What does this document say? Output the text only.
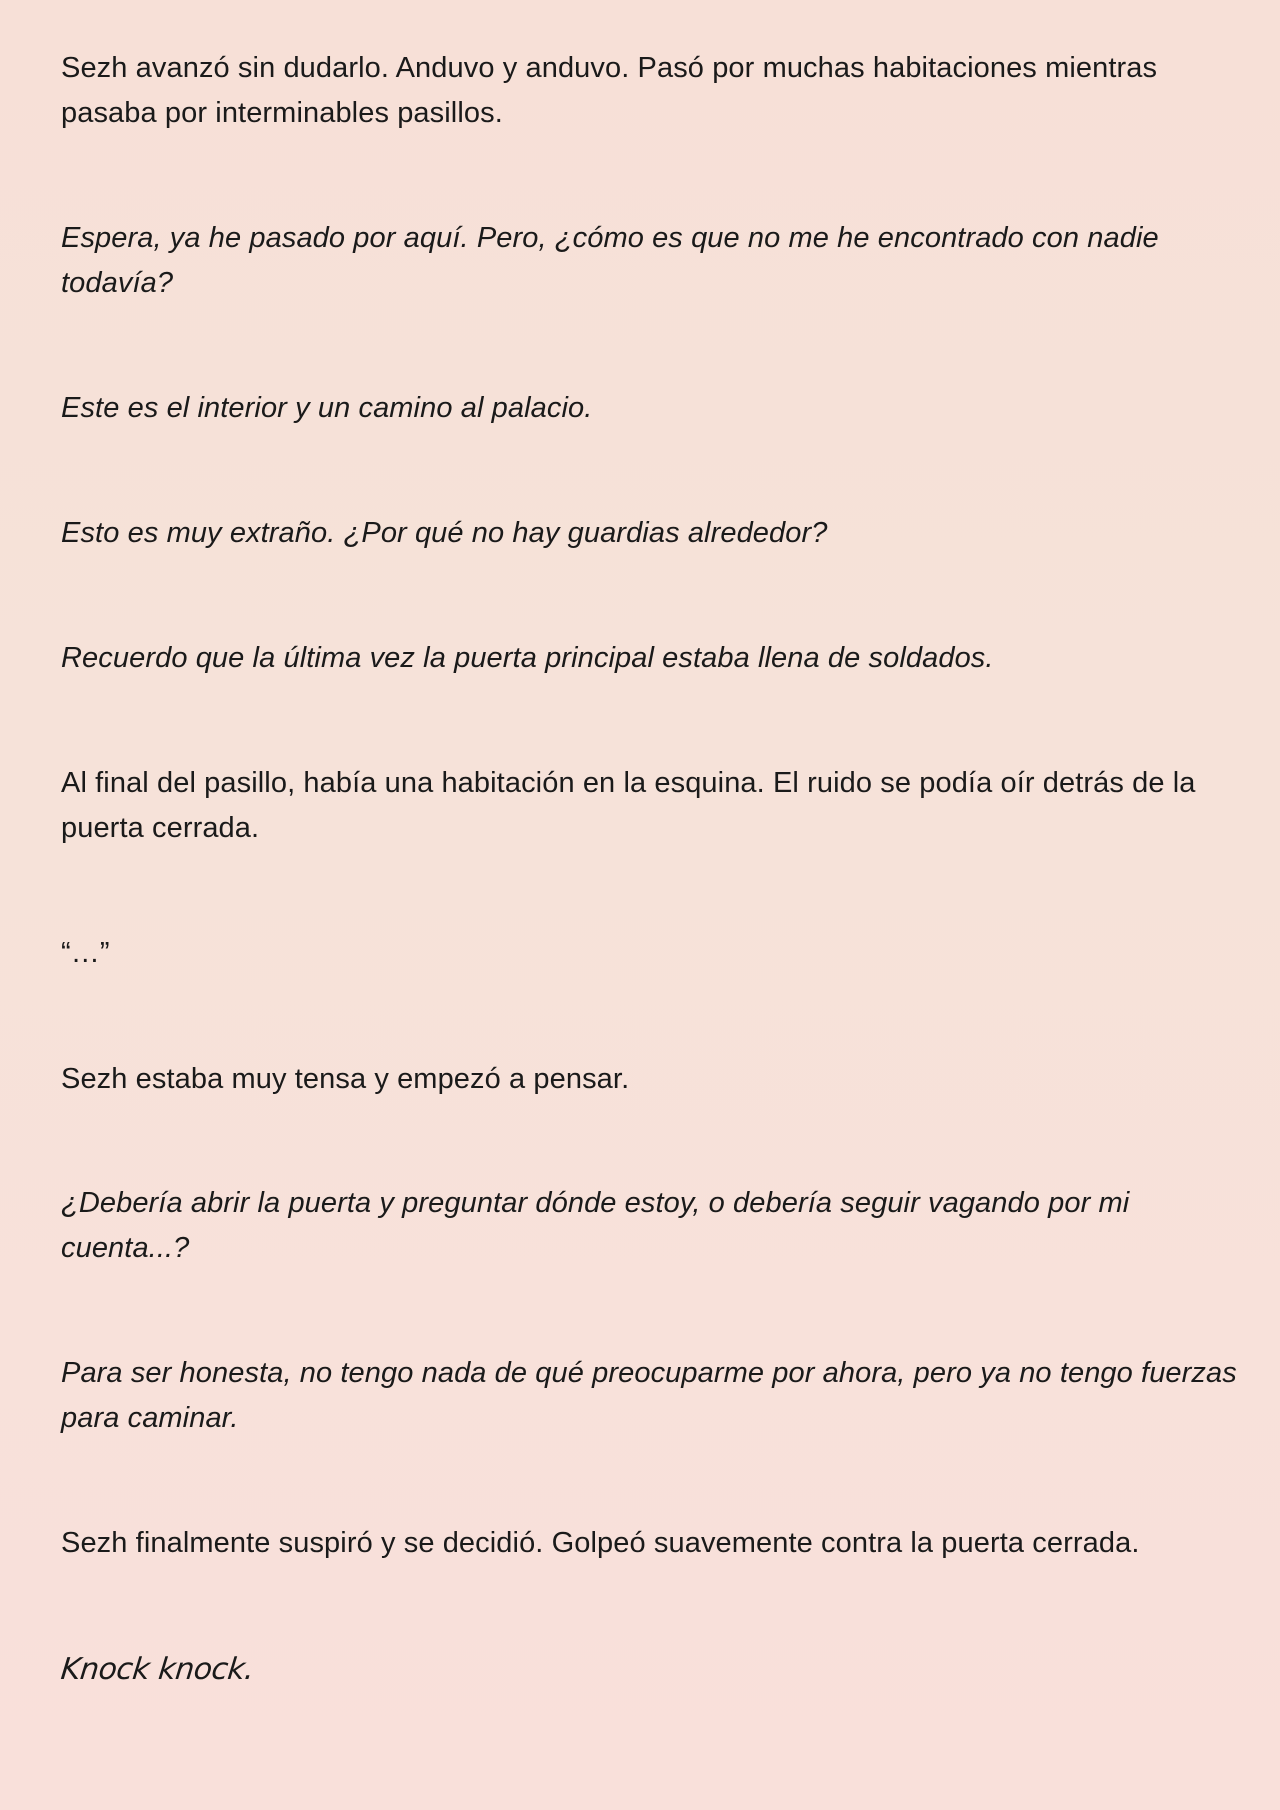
Sezh avanzó sin dudarlo. Anduvo y anduvo. Pasó por muchas habitaciones mientras pasaba por interminables pasillos.

Espera, ya he pasado por aquí. Pero, ¿cómo es que no me he encontrado con nadie todavía?

Este es el interior y un camino al palacio.

Esto es muy extraño. ¿Por qué no hay guardias alrededor?

Recuerdo que la última vez la puerta principal estaba llena de soldados.

Al final del pasillo, había una habitación en la esquina. El ruido se podía oír detrás de la puerta cerrada.

“…”

Sezh estaba muy tensa y empezó a pensar.

¿Debería abrir la puerta y preguntar dónde estoy, o debería seguir vagando por mi cuenta...?

Para ser honesta, no tengo nada de qué preocuparme por ahora, pero ya no tengo fuerzas para caminar.

Sezh finalmente suspiró y se decidió. Golpeó suavemente contra la puerta cerrada.

Knock knock.
